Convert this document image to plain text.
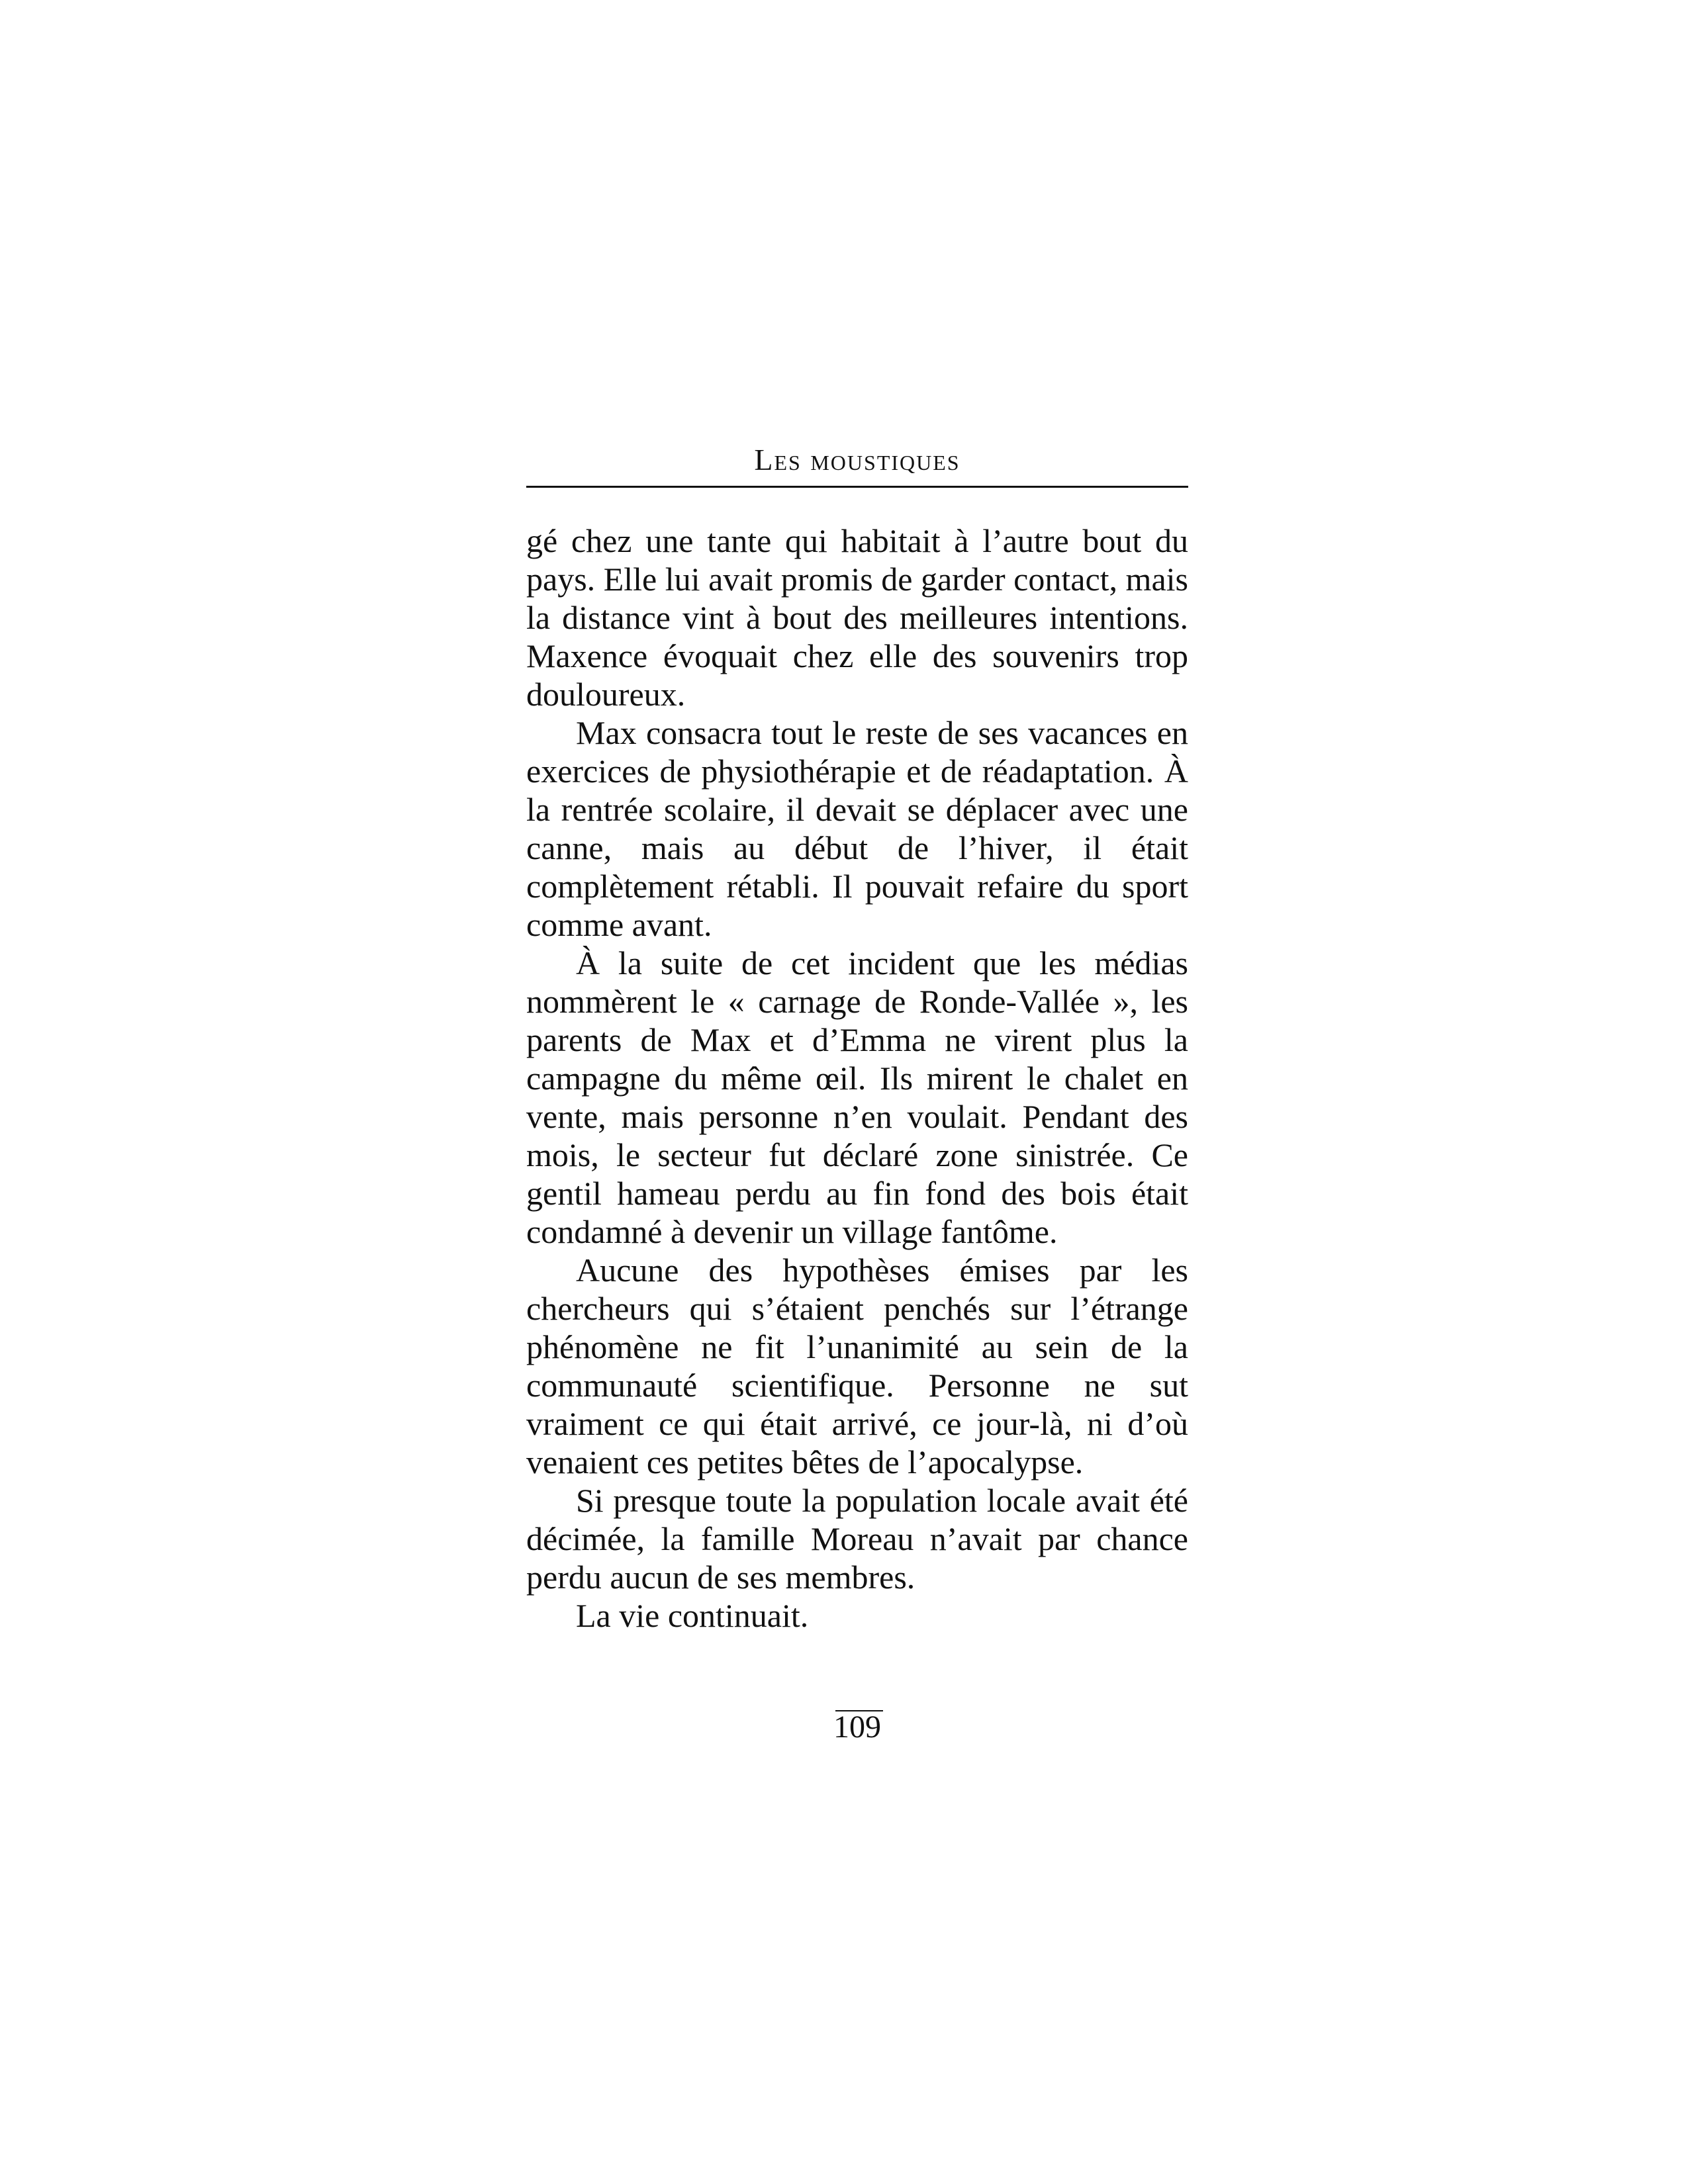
Les moustiques

gé chez une tante qui habitait à l’autre bout du pays. Elle lui avait promis de garder contact, mais la distance vint à bout des meilleures intentions. Maxence évoquait chez elle des souvenirs trop douloureux.

Max consacra tout le reste de ses vacances en exercices de physiothérapie et de réadaptation. À la rentrée scolaire, il devait se déplacer avec une canne, mais au début de l’hiver, il était complètement rétabli. Il pouvait refaire du sport comme avant.

À la suite de cet incident que les médias nommèrent le « carnage de Ronde-Vallée », les parents de Max et d’Emma ne virent plus la campagne du même œil. Ils mirent le chalet en vente, mais personne n’en voulait. Pendant des mois, le secteur fut déclaré zone sinistrée. Ce gentil hameau perdu au fin fond des bois était condamné à devenir un village fantôme.

Aucune des hypothèses émises par les chercheurs qui s’étaient penchés sur l’étrange phénomène ne fit l’unanimité au sein de la communauté scientifique. Personne ne sut vraiment ce qui était arrivé, ce jour-là, ni d’où venaient ces petites bêtes de l’apocalypse.

Si presque toute la population locale avait été décimée, la famille Moreau n’avait par chance perdu aucun de ses membres.

La vie continuait.

109
